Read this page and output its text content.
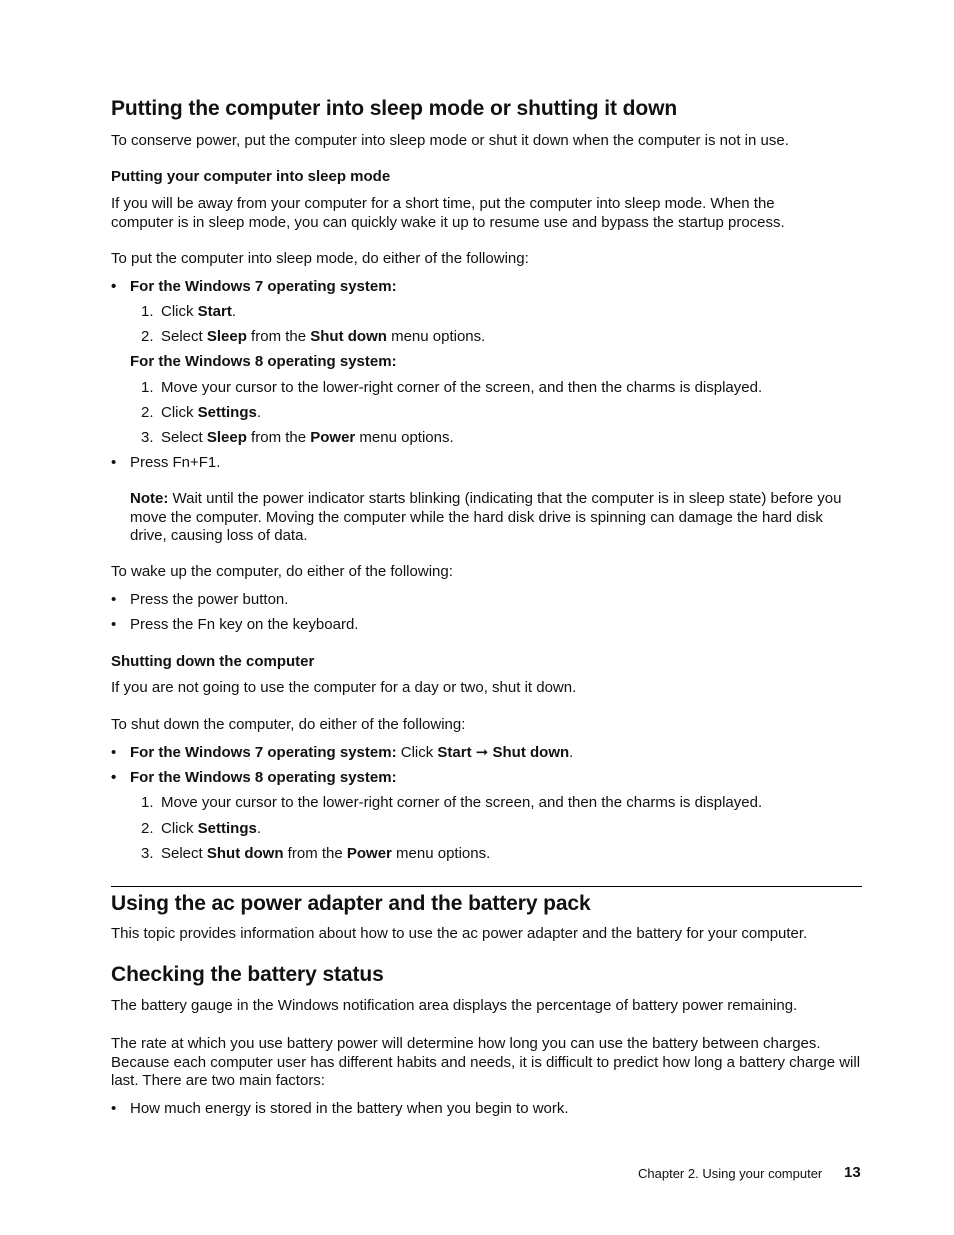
Putting the computer into sleep mode or shutting it down
To conserve power, put the computer into sleep mode or shut it down when the computer is not in use.
Putting your computer into sleep mode
If you will be away from your computer for a short time, put the computer into sleep mode. When the computer is in sleep mode, you can quickly wake it up to resume use and bypass the startup process.
To put the computer into sleep mode, do either of the following:
• For the Windows 7 operating system:
1. Click Start.
2. Select Sleep from the Shut down menu options.
For the Windows 8 operating system:
1. Move your cursor to the lower-right corner of the screen, and then the charms is displayed.
2. Click Settings.
3. Select Sleep from the Power menu options.
• Press Fn+F1.
Note: Wait until the power indicator starts blinking (indicating that the computer is in sleep state) before you move the computer. Moving the computer while the hard disk drive is spinning can damage the hard disk drive, causing loss of data.
To wake up the computer, do either of the following:
• Press the power button.
• Press the Fn key on the keyboard.
Shutting down the computer
If you are not going to use the computer for a day or two, shut it down.
To shut down the computer, do either of the following:
• For the Windows 7 operating system: Click Start ➞ Shut down.
• For the Windows 8 operating system:
1. Move your cursor to the lower-right corner of the screen, and then the charms is displayed.
2. Click Settings.
3. Select Shut down from the Power menu options.
Using the ac power adapter and the battery pack
This topic provides information about how to use the ac power adapter and the battery for your computer.
Checking the battery status
The battery gauge in the Windows notification area displays the percentage of battery power remaining.
The rate at which you use battery power will determine how long you can use the battery between charges. Because each computer user has different habits and needs, it is difficult to predict how long a battery charge will last. There are two main factors:
• How much energy is stored in the battery when you begin to work.
Chapter 2. Using your computer 13
